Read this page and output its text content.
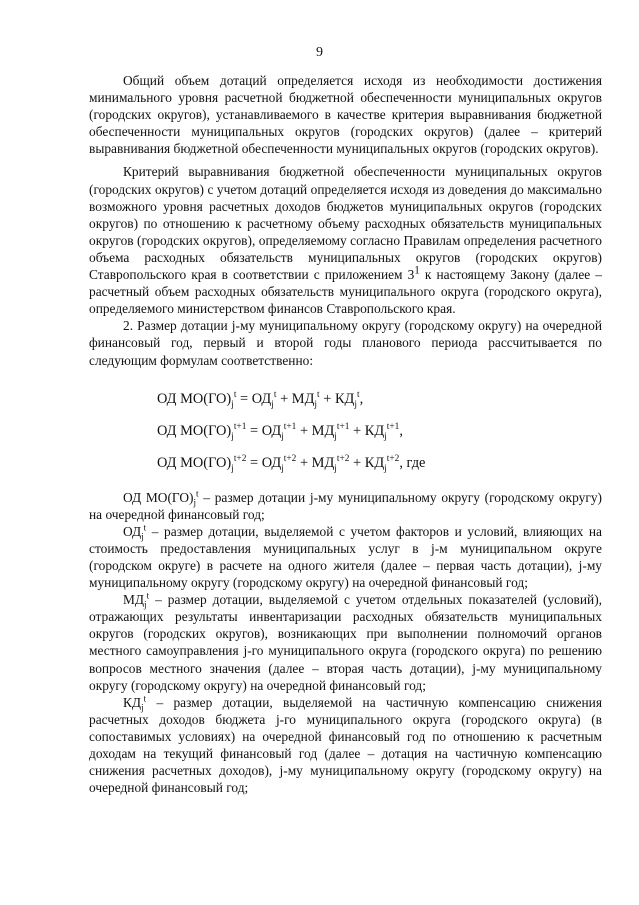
9

Общий объем дотаций определяется исходя из необходимости достижения минимального уровня расчетной бюджетной обеспеченности муниципальных округов (городских округов), устанавливаемого в качестве критерия выравнивания бюджетной обеспеченности муниципальных округов (городских округов) (далее – критерий выравнивания бюджетной обеспеченности муниципальных округов (городских округов).

Критерий выравнивания бюджетной обеспеченности муниципальных округов (городских округов) с учетом дотаций определяется исходя из доведения до максимально возможного уровня расчетных доходов бюджетов муниципальных округов (городских округов) по отношению к расчетному объему расходных обязательств муниципальных округов (городских округов), определяемому согласно Правилам определения расчетного объема расходных обязательств муниципальных округов (городских округов) Ставропольского края в соответствии с приложением $3^1$ к настоящему Закону (далее – расчетный объем расходных обязательств муниципального округа (городского округа), определяемого министерством финансов Ставропольского края.

2. Размер дотации j-му муниципальному округу (городскому округу) на очередной финансовый год, первый и второй годы планового периода рассчитывается по следующим формулам соответственно:

ОД $МО(ГО)_j^t = ОД_j^t + МД_j^t + КД_j^t$,

ОД $МО(ГО)_j^{t+1} = ОД_j^{t+1} + МД_j^{t+1} + КД_j^{t+1}$,

ОД $МО(ГО)_j^{t+2} = ОД_j^{t+2} + МД_j^{t+2} + КД_j^{t+2}$, где

ОД $МО(ГО)_j^t$ – размер дотации j-му муниципальному округу (городскому округу) на очередной финансовый год;

$ОД_j^t$ – размер дотации, выделяемой с учетом факторов и условий, влияющих на стоимость предоставления муниципальных услуг в j-м муниципальном округе (городском округе) в расчете на одного жителя (далее – первая часть дотации), j-му муниципальному округу (городскому округу) на очередной финансовый год;

$МД_j^t$ – размер дотации, выделяемой с учетом отдельных показателей (условий), отражающих результаты инвентаризации расходных обязательств муниципальных округов (городских округов), возникающих при выполнении полномочий органов местного самоуправления j-го муниципального округа (городского округа) по решению вопросов местного значения (далее – вторая часть дотации), j-му муниципальному округу (городскому округу) на очередной финансовый год;

$КД_j^t$ – размер дотации, выделяемой на частичную компенсацию снижения расчетных доходов бюджета j-го муниципального округа (городского округа) (в сопоставимых условиях) на очередной финансовый год по отношению к расчетным доходам на текущий финансовый год (далее – дотация на частичную компенсацию снижения расчетных доходов), j-му муниципальному округу (городскому округу) на очередной финансовый год;
